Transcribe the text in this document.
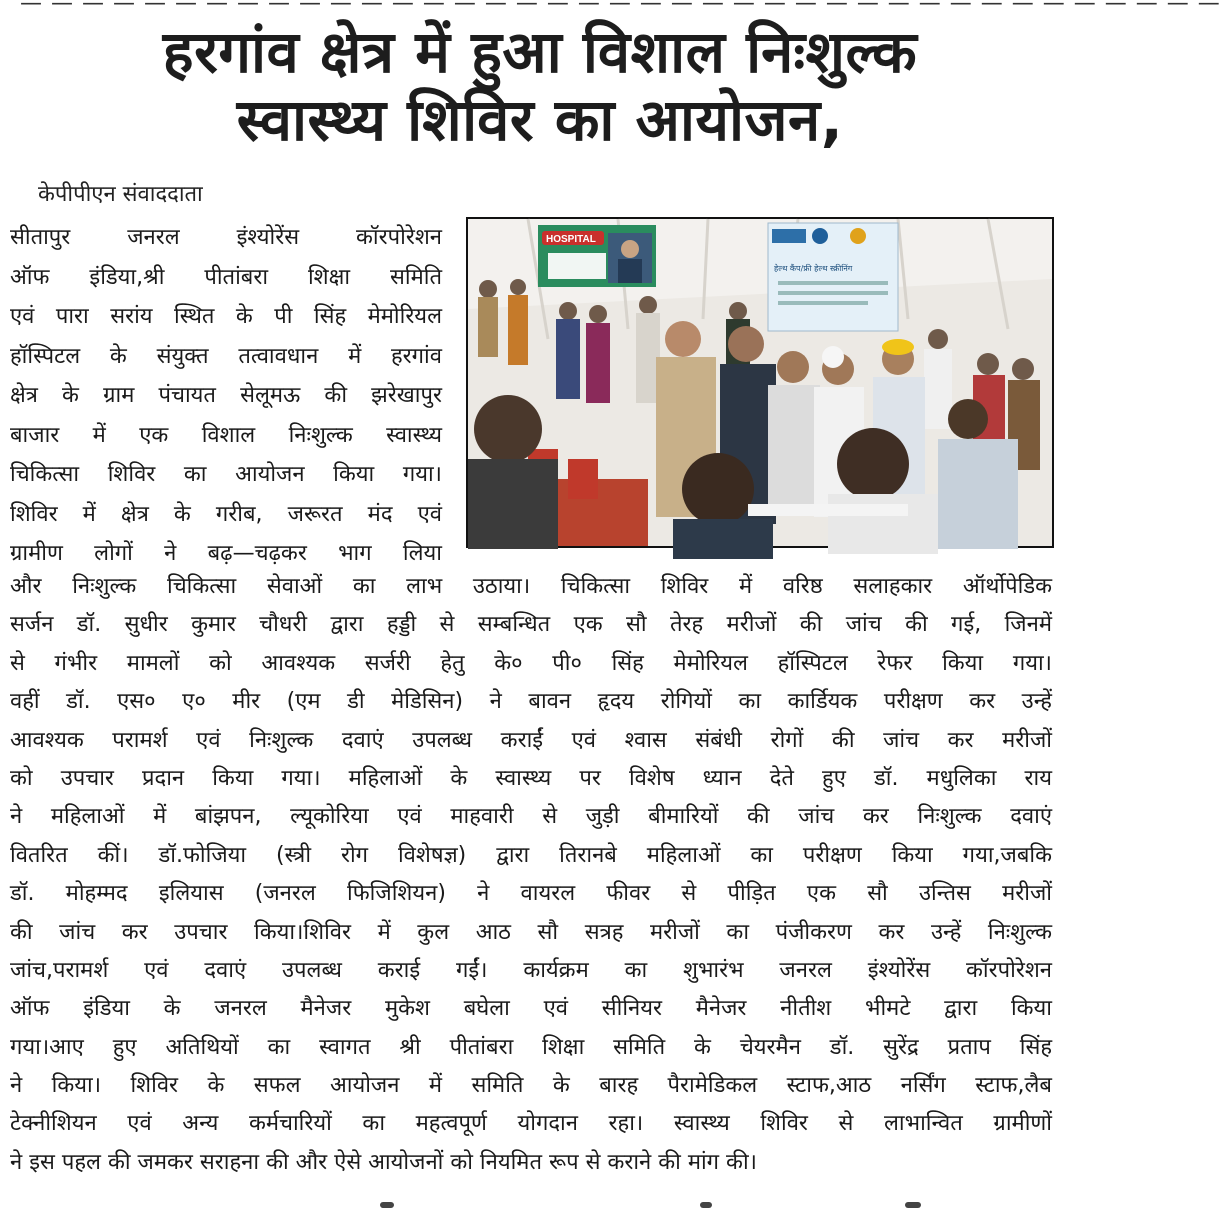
— — — — — — — — — — — — — — — — — — — — — — — — — — — — — — — — — — — — — — —
हरगांव क्षेत्र में हुआ विशाल निःशुल्क
स्वास्थ्य शिविर का आयोजन,
केपीपीएन संवाददाता
सीतापुर जनरल इंश्योरेंस कॉरपोरेशन
ऑफ इंडिया,श्री पीतांबरा शिक्षा समिति
एवं पारा सरांय स्थित के पी सिंह मेमोरियल
हॉस्पिटल के संयुक्त तत्वावधान में हरगांव
क्षेत्र के ग्राम पंचायत सेलूमऊ की झरेखापुर
बाजार में एक विशाल निःशुल्क स्वास्थ्य
चिकित्सा शिविर का आयोजन किया गया।
शिविर में क्षेत्र के गरीब, जरूरत मंद एवं
ग्रामीण लोगों ने बढ़—चढ़कर भाग लिया
HOSPITAL
हेल्थ कैंप/फ्री हेल्थ स्क्रीनिंग
और निःशुल्क चिकित्सा सेवाओं का लाभ उठाया। चिकित्सा शिविर में वरिष्ठ सलाहकार ऑर्थोपेडिक
सर्जन डॉ. सुधीर कुमार चौधरी द्वारा हड्डी से सम्बन्धित एक सौ तेरह मरीजों की जांच की गई, जिनमें
से गंभीर मामलों को आवश्यक सर्जरी हेतु के० पी० सिंह मेमोरियल हॉस्पिटल रेफर किया गया।
वहीं डॉ. एस० ए० मीर (एम डी मेडिसिन) ने बावन हृदय रोगियों का कार्डियक परीक्षण कर उन्हें
आवश्यक परामर्श एवं निःशुल्क दवाएं उपलब्ध कराईं एवं श्वास संबंधी रोगों की जांच कर मरीजों
को उपचार प्रदान किया गया। महिलाओं के स्वास्थ्य पर विशेष ध्यान देते हुए डॉ. मधुलिका राय
ने महिलाओं में बांझपन, ल्यूकोरिया एवं माहवारी से जुड़ी बीमारियों की जांच कर निःशुल्क दवाएं
वितरित कीं। डॉ.फोजिया (स्त्री रोग विशेषज्ञ) द्वारा तिरानबे महिलाओं का परीक्षण किया गया,जबकि
डॉ. मोहम्मद इलियास (जनरल फिजिशियन) ने वायरल फीवर से पीड़ित एक सौ उन्तिस मरीजों
की जांच कर उपचार किया।शिविर में कुल आठ सौ सत्रह मरीजों का पंजीकरण कर उन्हें निःशुल्क
जांच,परामर्श एवं दवाएं उपलब्ध कराई गईं। कार्यक्रम का शुभारंभ जनरल इंश्योरेंस कॉरपोरेशन
ऑफ इंडिया के जनरल मैनेजर मुकेश बघेला एवं सीनियर मैनेजर नीतीश भीमटे द्वारा किया
गया।आए हुए अतिथियों का स्वागत श्री पीतांबरा शिक्षा समिति के चेयरमैन डॉ. सुरेंद्र प्रताप सिंह
ने किया। शिविर के सफल आयोजन में समिति के बारह पैरामेडिकल स्टाफ,आठ नर्सिंग स्टाफ,लैब
टेक्नीशियन एवं अन्य कर्मचारियों का महत्वपूर्ण योगदान रहा। स्वास्थ्य शिविर से लाभान्वित ग्रामीणों
ने इस पहल की जमकर सराहना की और ऐसे आयोजनों को नियमित रूप से कराने की मांग की।
